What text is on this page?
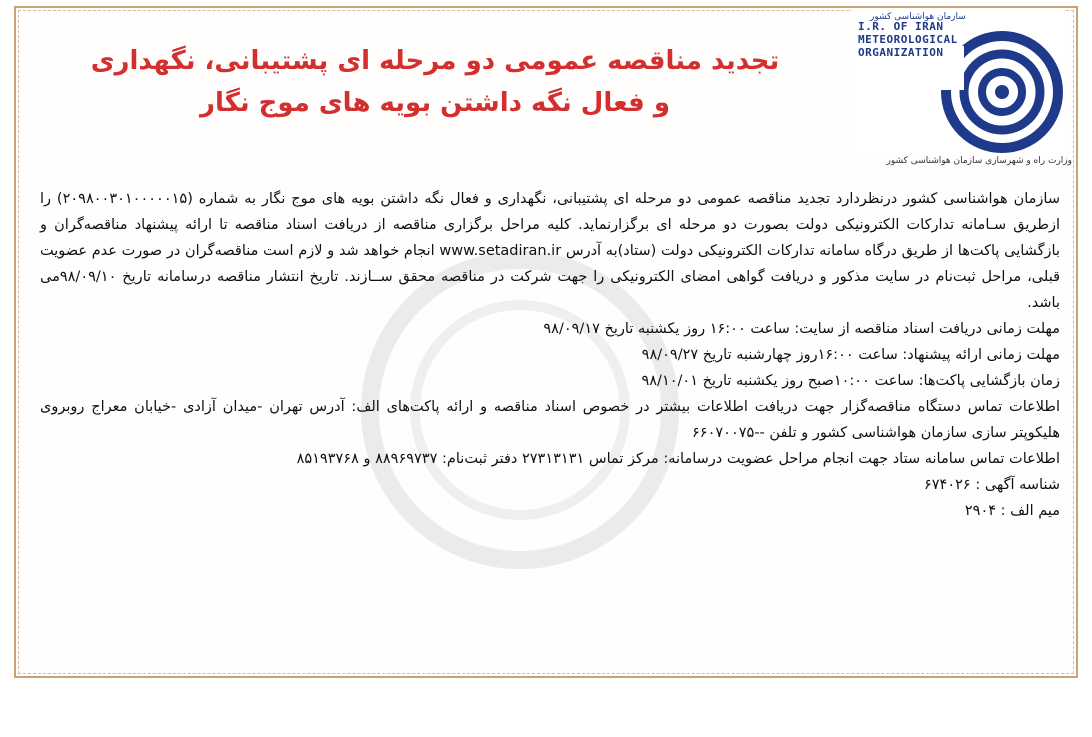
سازمان هواشناسی کشور
I.R. OF IRAN
METEOROLOGICAL
ORGANIZATION
وزارت راه و شهرسازی سازمان هواشناسی کشور
تجدید مناقصه عمومی دو مرحله ای پشتیبانی، نگهداری
و فعال نگه داشتن بویه های موج نگار

سازمان هواشناسی کشور درنظردارد تجدید مناقصه عمومی دو مرحله ای پشتیبانی، نگهداری و فعال نگه داشتن بویه های موج نگار به شماره (۲۰۹۸۰۰۳۰۱۰۰۰۰۰۱۵) را ازطریق سـامانه تدارکات الکترونیکی دولت بصورت دو مرحله ای برگزارنماید. کلیه مراحل برگزاری مناقصه از دریافت اسناد مناقصه تا ارائه پیشنهاد مناقصه‌گران و بازگشایی پاکت‌ها از طریق درگاه سامانه تدارکات الکترونیکی دولت (ستاد)به آدرس www.setadiran.ir انجام خواهد شد و لازم است مناقصه‌گران در صورت عدم عضویت قبلی، مراحل ثبت‌نام در سایت مذکور و دریافت گواهی امضای الکترونیکی را جهت شرکت در مناقصه محقق ســازند. تاریخ انتشار مناقصه درسامانه تاریخ ۹۸/۰۹/۱۰می باشد.

مهلت زمانی دریافت اسناد مناقصه از سایت: ساعت ۱۶:۰۰ روز یکشنبه تاریخ ۹۸/۰۹/۱۷

مهلت زمانی ارائه پیشنهاد: ساعت ۱۶:۰۰روز چهارشنبه تاریخ ۹۸/۰۹/۲۷

زمان بازگشایی پاکت‌ها: ساعت ۱۰:۰۰صبح روز یکشنبه تاریخ ۹۸/۱۰/۰۱

اطلاعات تماس دستگاه مناقصه‌گزار جهت دریافت اطلاعات بیشتر در خصوص اسناد مناقصه و ارائه پاکت‌های الف: آدرس تهران -میدان آزادی -خیابان معراج روبروی هلیکوپتر سازی سازمان هواشناسی کشور و تلفن --۶۶۰۷۰۰۷۵

اطلاعات تماس سامانه ستاد جهت انجام مراحل عضویت درسامانه: مرکز تماس ۲۷۳۱۳۱۳۱ دفتر ثبت‌نام: ۸۸۹۶۹۷۳۷ و ۸۵۱۹۳۷۶۸

شناسه آگهی : ۶۷۴۰۲۶

میم الف : ۲۹۰۴
